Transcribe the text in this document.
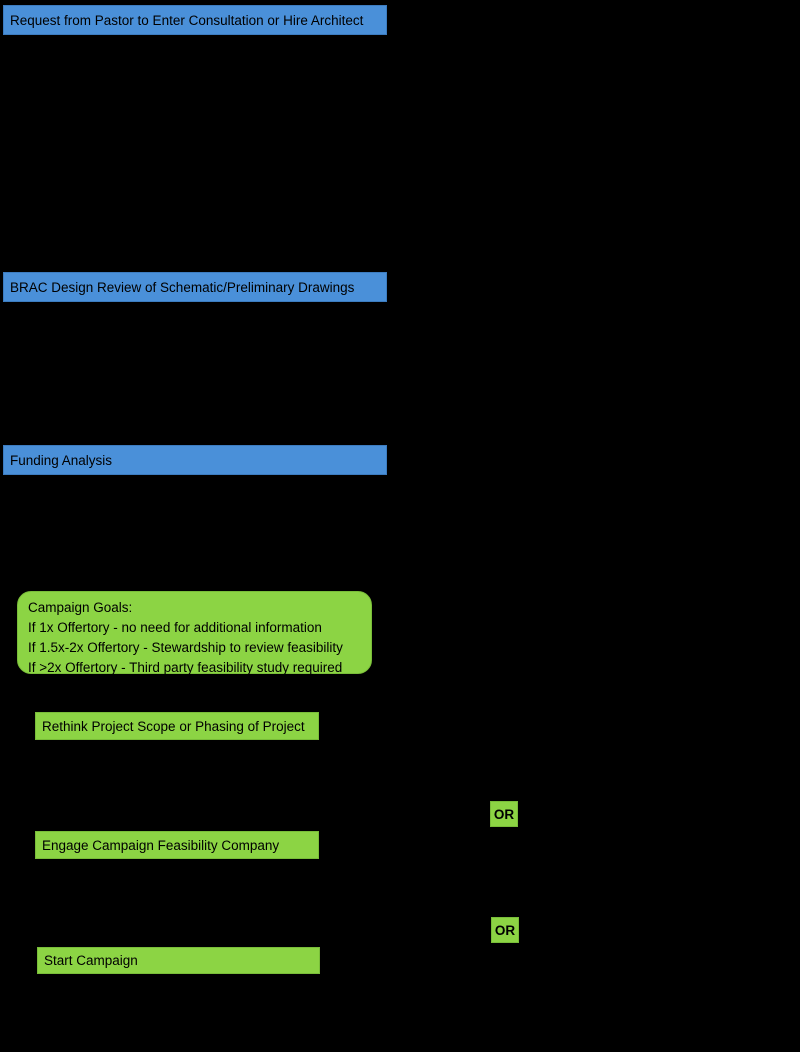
Request from Pastor to Enter Consultation or Hire Architect
BRAC Design Review of Schematic/Preliminary Drawings
Funding Analysis
Campaign Goals:
If 1x Offertory - no need for additional information
If 1.5x-2x Offertory - Stewardship to review feasibility
If >2x Offertory - Third party feasibility study required
Rethink Project Scope or Phasing of Project
OR
Engage Campaign Feasibility Company
OR
Start Campaign
